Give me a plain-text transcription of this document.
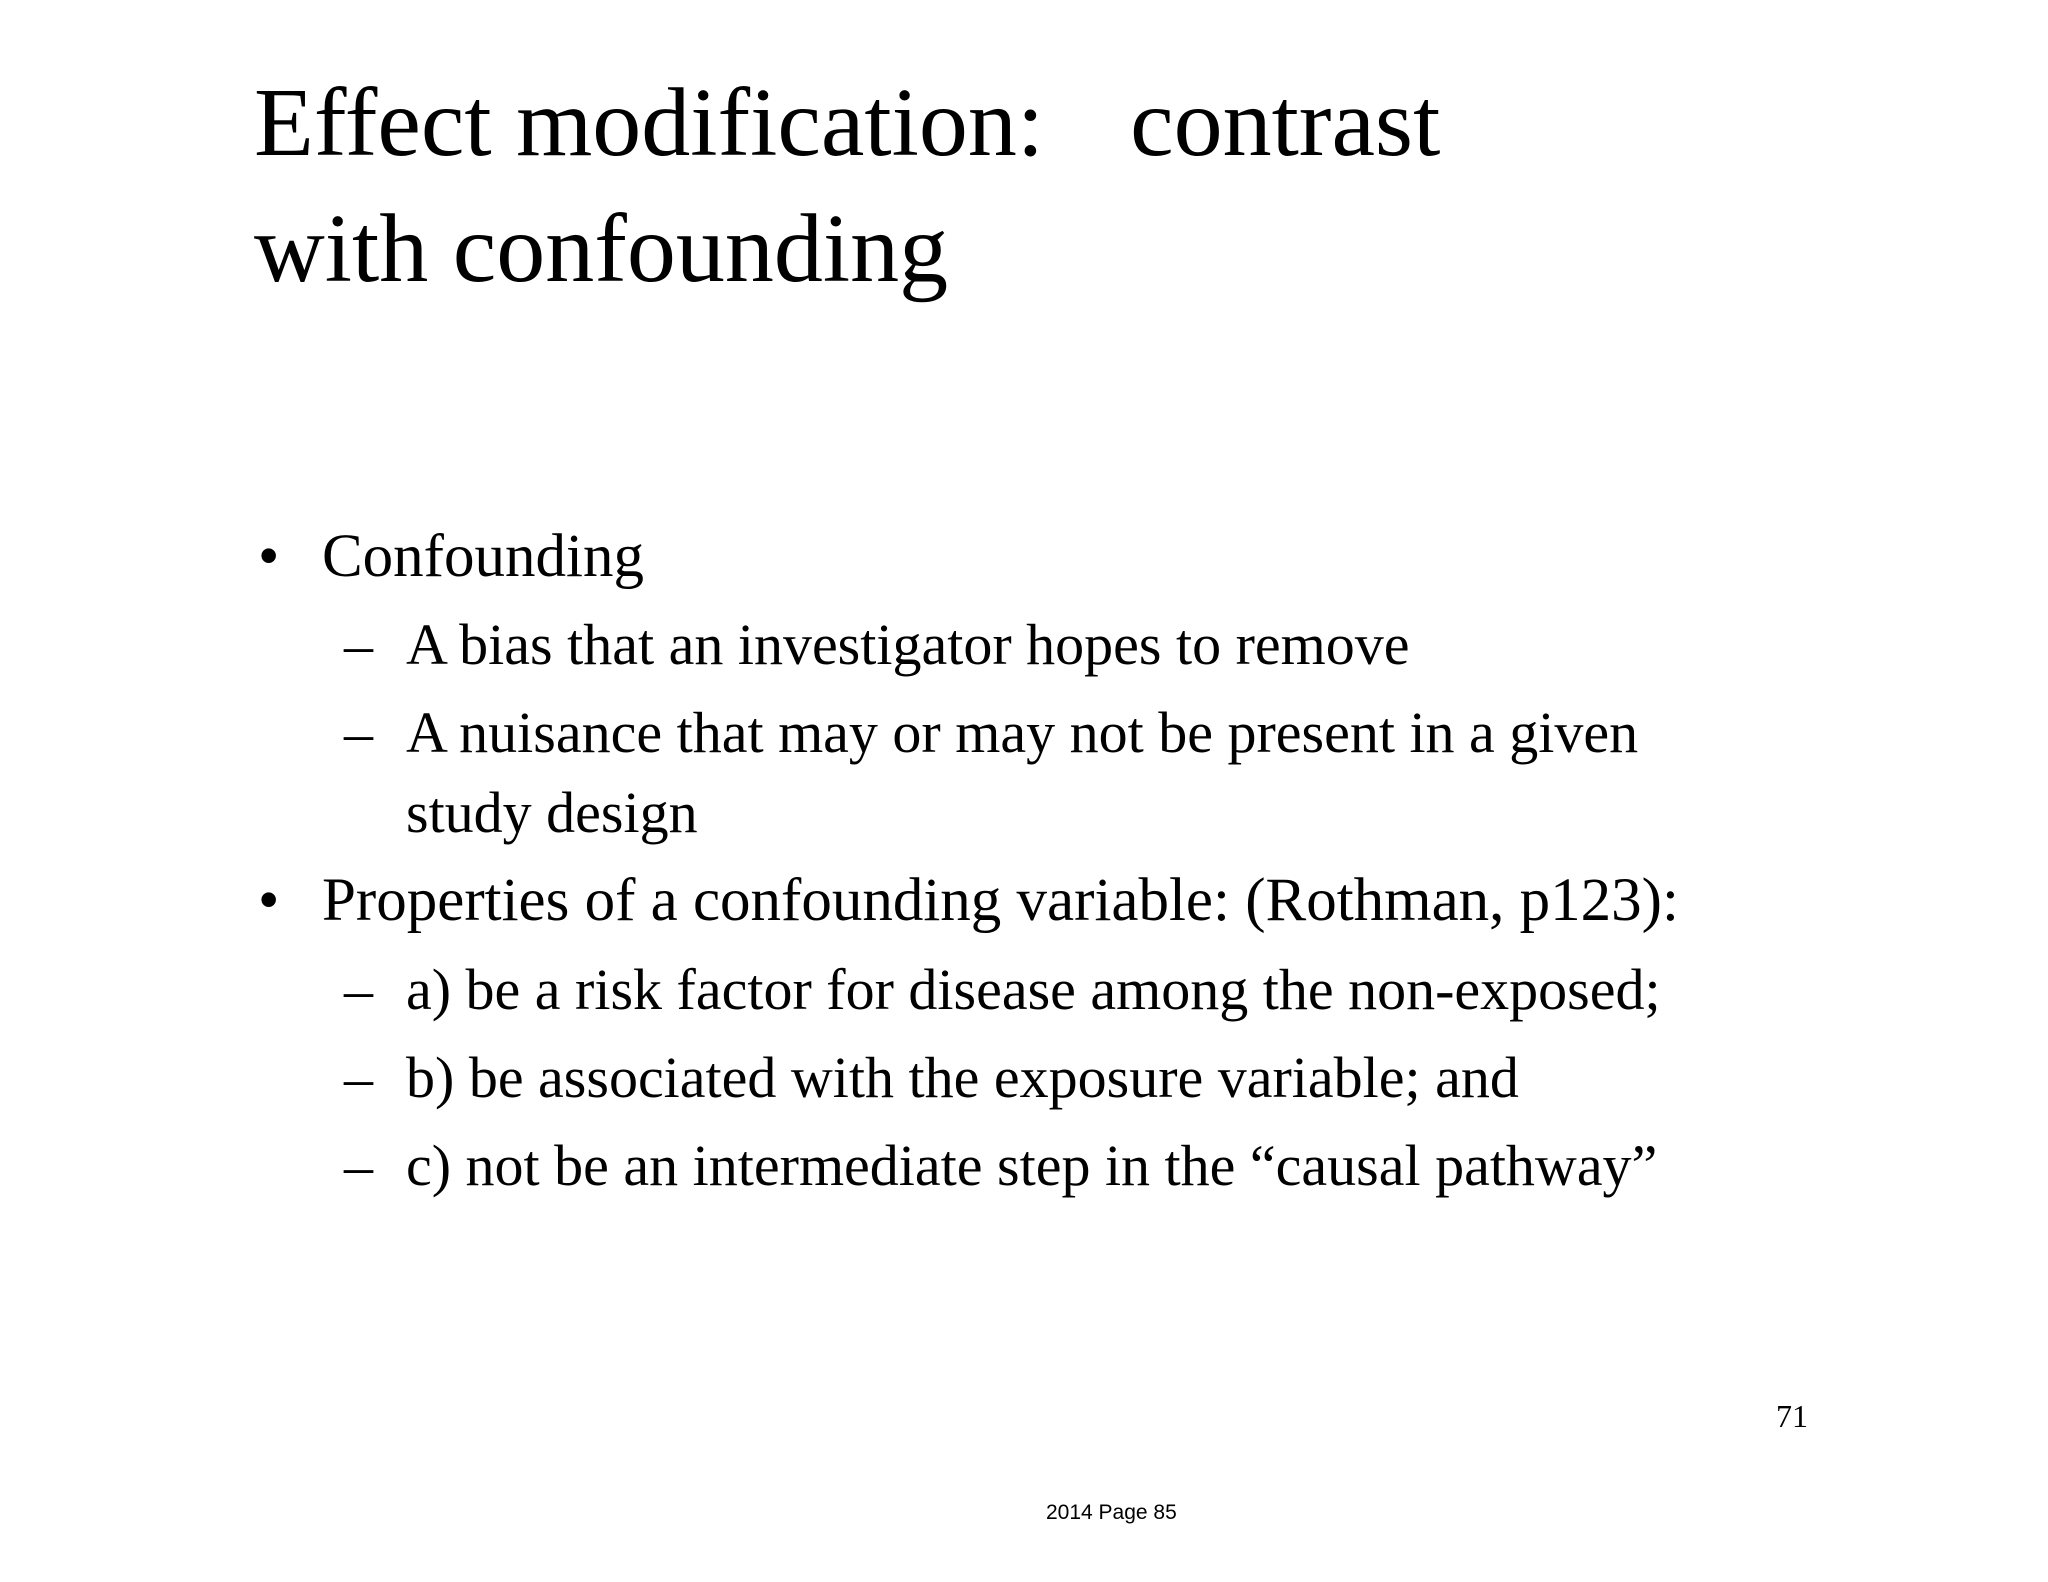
Effect modification: contrast
with confounding
• Confounding
– A bias that an investigator hopes to remove
– A nuisance that may or may not be present in a given
study design
• Properties of a confounding variable: (Rothman, p123):
– a) be a risk factor for disease among the non-exposed;
– b) be associated with the exposure variable; and
– c) not be an intermediate step in the “causal pathway”
71
2014 Page 85
